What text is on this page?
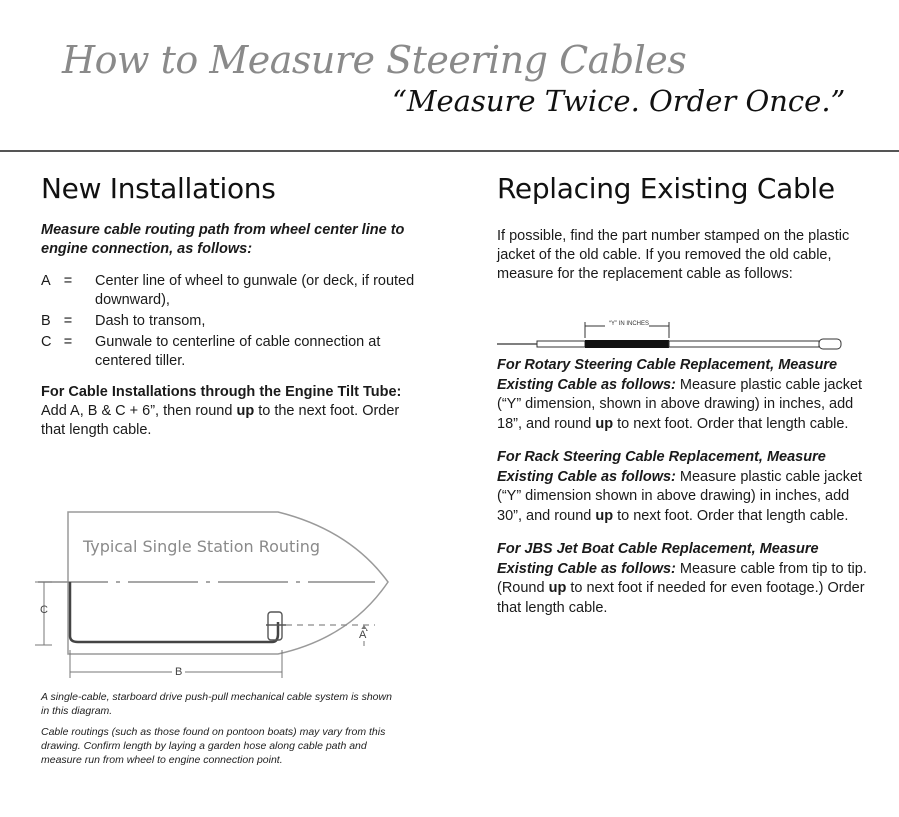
How to Measure Steering Cables
“Measure Twice. Order Once.”
New Installations

Measure cable routing path from wheel center line to engine connection, as follows:

A =	Center line of wheel to gunwale (or deck, if routed downward),
B =	Dash to transom,
C =	Gunwale to centerline of cable connection at centered tiller.
For Cable Installations through the Engine Tilt Tube:
Add A, B & C + 6”, then round up to the next foot. Order that length cable.
Typical Single Station Routing
C
B
A

A single-cable, starboard drive push-pull mechanical cable system is shown in this diagram.

Cable routings (such as those found on pontoon boats) may vary from this drawing. Confirm length by laying a garden hose along cable path and measure run from wheel to engine connection point.

Replacing Existing Cable

If possible, find the part number stamped on the plastic jacket of the old cable. If you removed the old cable, measure for the replacement cable as follows:

For Rotary Steering Cable Replacement, Measure Existing Cable as follows: Measure plastic cable jacket (“Y” dimension, shown in above drawing) in inches, add 18”, and round up to next foot. Order that length cable.

For Rack Steering Cable Replacement, Measure Existing Cable as follows: Measure plastic cable jacket (“Y” dimension shown in above drawing) in inches, add 30”, and round up to next foot. Order that length cable.

For JBS Jet Boat Cable Replacement, Measure Existing Cable as follows: Measure cable from tip to tip. (Round up to next foot if needed for even footage.) Order that length cable.

“Y” IN INCHES
